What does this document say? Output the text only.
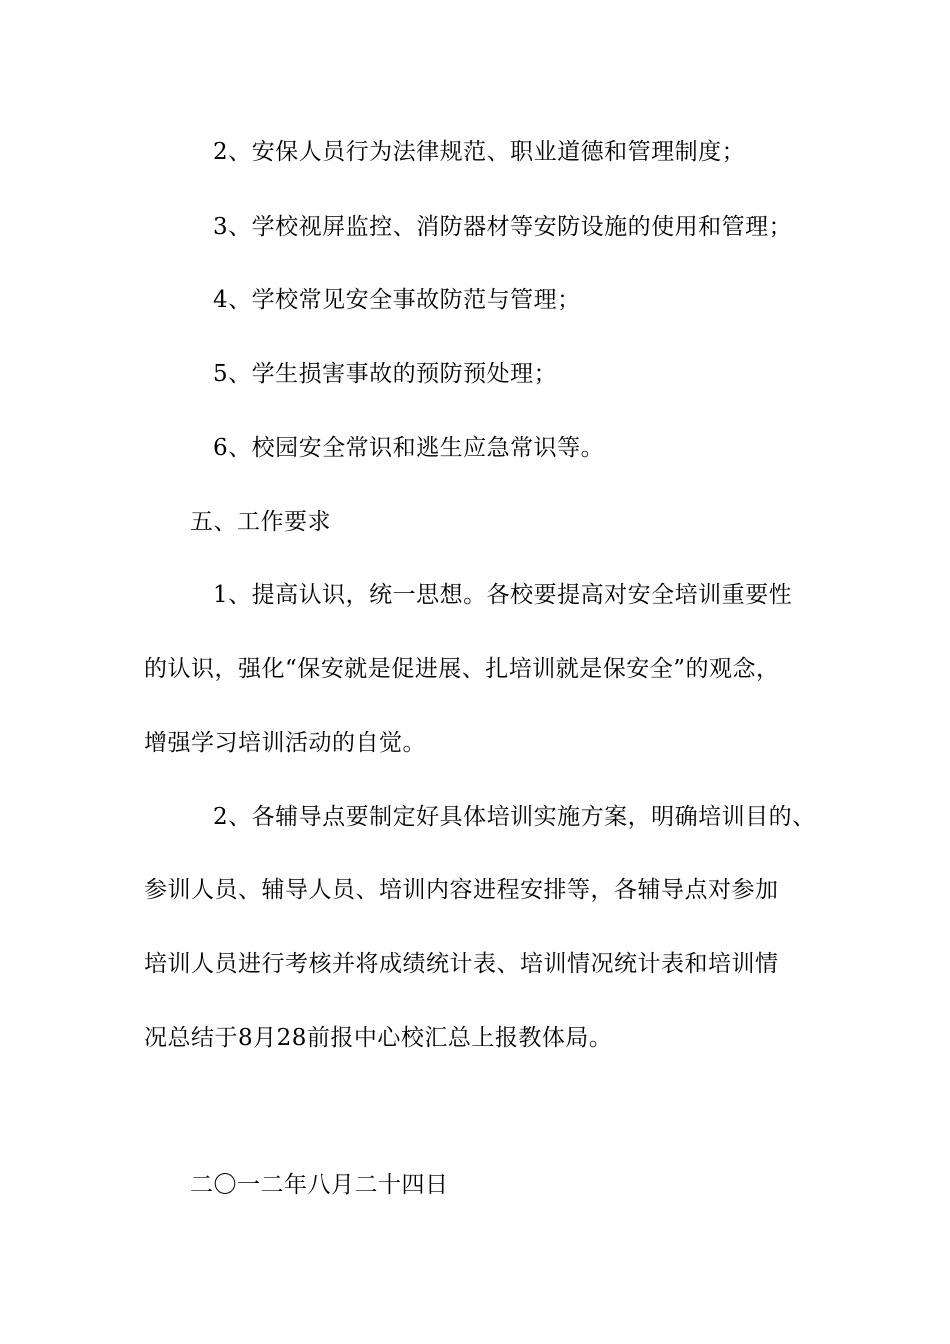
2、安保人员行为法律规范、职业道德和管理制度；

3、学校视屏监控、消防器材等安防设施的使用和管理；

4、学校常见安全事故防范与管理；

5、学生损害事故的预防预处理；

6、校园安全常识和逃生应急常识等。

五、工作要求

1、提高认识，统一思想。各校要提高对安全培训重要性

的认识，强化“保安就是促进展、扎培训就是保安全”的观念，

增强学习培训活动的自觉。

2、各辅导点要制定好具体培训实施方案，明确培训目的、

参训人员、辅导人员、培训内容进程安排等，各辅导点对参加

培训人员进行考核并将成绩统计表、培训情况统计表和培训情

况总结于8月28前报中心校汇总上报教体局。

二〇一二年八月二十四日
